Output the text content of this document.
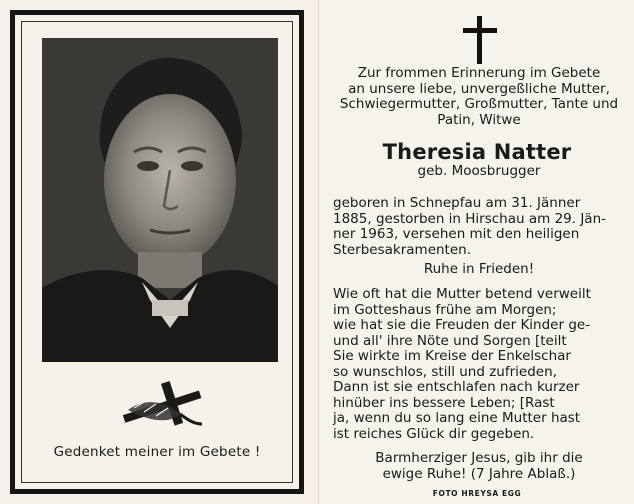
Gedenket meiner im Gebete !
Zur frommen Erinnerung im Gebete
an unsere liebe, unvergeßliche Mutter,
Schwiegermutter, Großmutter, Tante und
Patin, Witwe
Theresia Natter
geb. Moosbrugger
geboren in Schnepfau am 31. Jänner
1885, gestorben in Hirschau am 29. Jän-
ner 1963, versehen mit den heiligen
Sterbesakramenten.
Ruhe in Frieden!
Wie oft hat die Mutter betend verweilt
im Gotteshaus frühe am Morgen;
wie hat sie die Freuden der Kinder ge-
und all' ihre Nöte und Sorgen [teilt
Sie wirkte im Kreise der Enkelschar
so wunschlos, still und zufrieden,
Dann ist sie entschlafen nach kurzer
hinüber ins bessere Leben; [Rast
ja, wenn du so lang eine Mutter hast
ist reiches Glück dir gegeben.
Barmherziger Jesus, gib ihr die
ewige Ruhe! (7 Jahre Ablaß.)
FOTO HREYSA EGG
